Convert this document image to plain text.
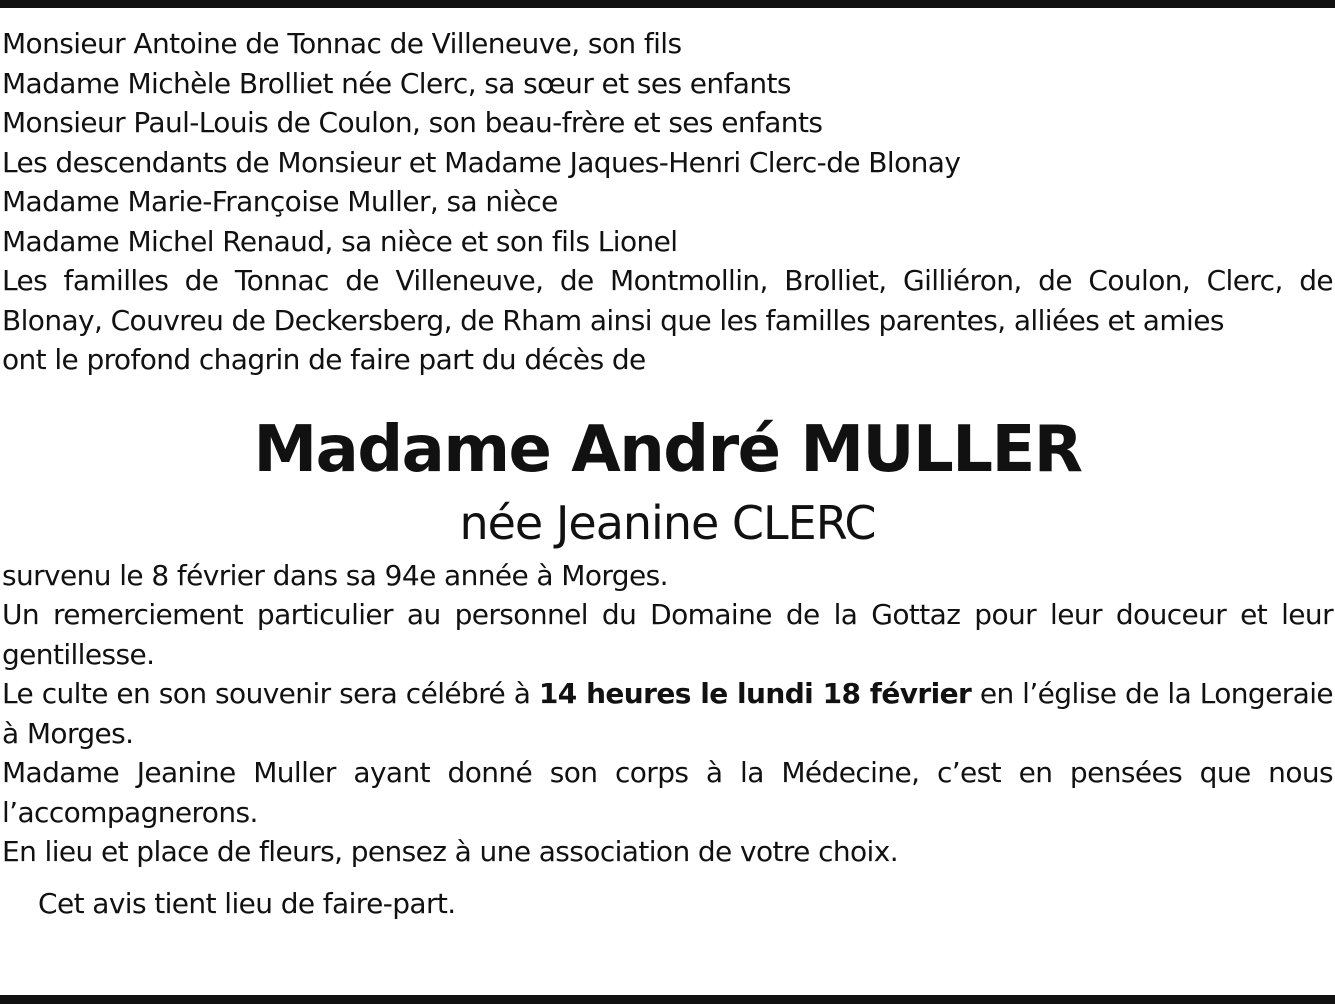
Monsieur Antoine de Tonnac de Villeneuve, son fils
Madame Michèle Brolliet née Clerc, sa sœur et ses enfants
Monsieur Paul-Louis de Coulon, son beau-frère et ses enfants
Les descendants de Monsieur et Madame Jaques-Henri Clerc-de Blonay
Madame Marie-Françoise Muller, sa nièce
Madame Michel Renaud, sa nièce et son fils Lionel
Les familles de Tonnac de Villeneuve, de Montmollin, Brolliet, Gilliéron, de Coulon, Clerc, de Blonay, Couvreu de Deckersberg, de Rham ainsi que les familles parentes, alliées et amies
ont le profond chagrin de faire part du décès de
Madame André MULLER
née Jeanine CLERC
survenu le 8 février dans sa 94e année à Morges.
Un remerciement particulier au personnel du Domaine de la Gottaz pour leur douceur et leur gentillesse.
Le culte en son souvenir sera célébré à 14 heures le lundi 18 février en l’église de la Longeraie à Morges.
Madame Jeanine Muller ayant donné son corps à la Médecine, c’est en pensées que nous l’accompagnerons.
En lieu et place de fleurs, pensez à une association de votre choix.
Cet avis tient lieu de faire-part.
